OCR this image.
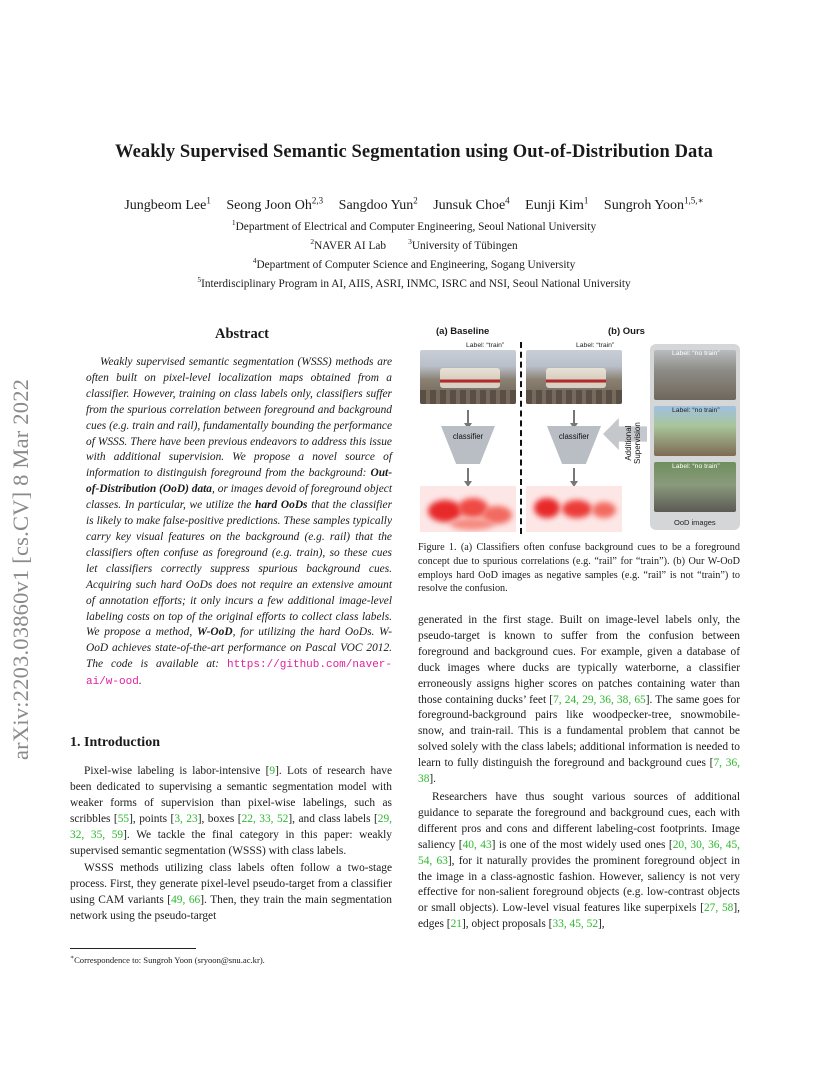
arXiv:2203.03860v1 [cs.CV] 8 Mar 2022
Weakly Supervised Semantic Segmentation using Out-of-Distribution Data
Jungbeom Lee$^1$ Seong Joon Oh$^{2,3}$ Sangdoo Yun$^2$ Junsuk Choe$^4$ Eunji Kim$^1$ Sungroh Yoon$^{1,5,∗}$
$^1$Department of Electrical and Computer Engineering, Seoul National University
$^2$NAVER AI Lab	$^3$University of Tübingen
$^4$Department of Computer Science and Engineering, Sogang University
$^5$Interdisciplinary Program in AI, AIIS, ASRI, INMC, ISRC and NSI, Seoul National University
Abstract

Weakly supervised semantic segmentation (WSSS) methods are often built on pixel-level localization maps obtained from a classifier. However, training on class labels only, classifiers suffer from the spurious correlation between foreground and background cues (e.g. train and rail), fundamentally bounding the performance of WSSS. There have been previous endeavors to address this issue with additional supervision. We propose a novel source of information to distinguish foreground from the background: Out-of-Distribution (OoD) data, or images devoid of foreground object classes. In particular, we utilize the hard OoDs that the classifier is likely to make false-positive predictions. These samples typically carry key visual features on the background (e.g. rail) that the classifiers often confuse as foreground (e.g. train), so these cues let classifiers correctly suppress spurious background cues. Acquiring such hard OoDs does not require an extensive amount of annotation efforts; it only incurs a few additional image-level labeling costs on top of the original efforts to collect class labels. We propose a method, W-OoD, for utilizing the hard OoDs. W-OoD achieves state-of-the-art performance on Pascal VOC 2012. The code is available at: https://github.com/naver-ai/w-ood.

1. Introduction

Pixel-wise labeling is labor-intensive [9]. Lots of research have been dedicated to supervising a semantic segmentation model with weaker forms of supervision than pixel-wise labelings, such as scribbles [55], points [3, 23], boxes [22, 33, 52], and class labels [29, 32, 35, 59]. We tackle the final category in this paper: weakly supervised semantic segmentation (WSSS) with class labels.

WSSS methods utilizing class labels often follow a two-stage process. First, they generate pixel-level pseudo-target from a classifier using CAM variants [49, 66]. Then, they train the main segmentation network using the pseudo-target

∗Correspondence to: Sungroh Yoon (sryoon@snu.ac.kr).
(a) Baseline	(b) Ours
Label: “train”
classifier
Label: “train”
classifier	Additional
Supervision
Label: “no train”
Label: “no train”
Label: “no train”
OoD images
Figure 1. (a) Classifiers often confuse background cues to be a foreground concept due to spurious correlations (e.g. “rail” for “train”). (b) Our W-OoD employs hard OoD images as negative samples (e.g. “rail” is not “train”) to resolve the confusion.

generated in the first stage. Built on image-level labels only, the pseudo-target is known to suffer from the confusion between foreground and background cues. For example, given a database of duck images where ducks are typically waterborne, a classifier erroneously assigns higher scores on patches containing water than those containing ducks’ feet [7, 24, 29, 36, 38, 65]. The same goes for foreground-background pairs like woodpecker-tree, snowmobile-snow, and train-rail. This is a fundamental problem that cannot be solved solely with the class labels; additional information is needed to learn to fully distinguish the foreground and background cues [7, 36, 38].

Researchers have thus sought various sources of additional guidance to separate the foreground and background cues, each with different pros and cons and different labeling-cost footprints. Image saliency [40, 43] is one of the most widely used ones [20, 30, 36, 45, 54, 63], for it naturally provides the prominent foreground object in the image in a class-agnostic fashion. However, saliency is not very effective for non-salient foreground objects (e.g. low-contrast objects or small objects). Low-level visual features like superpixels [27, 58], edges [21], object proposals [33, 45, 52],
